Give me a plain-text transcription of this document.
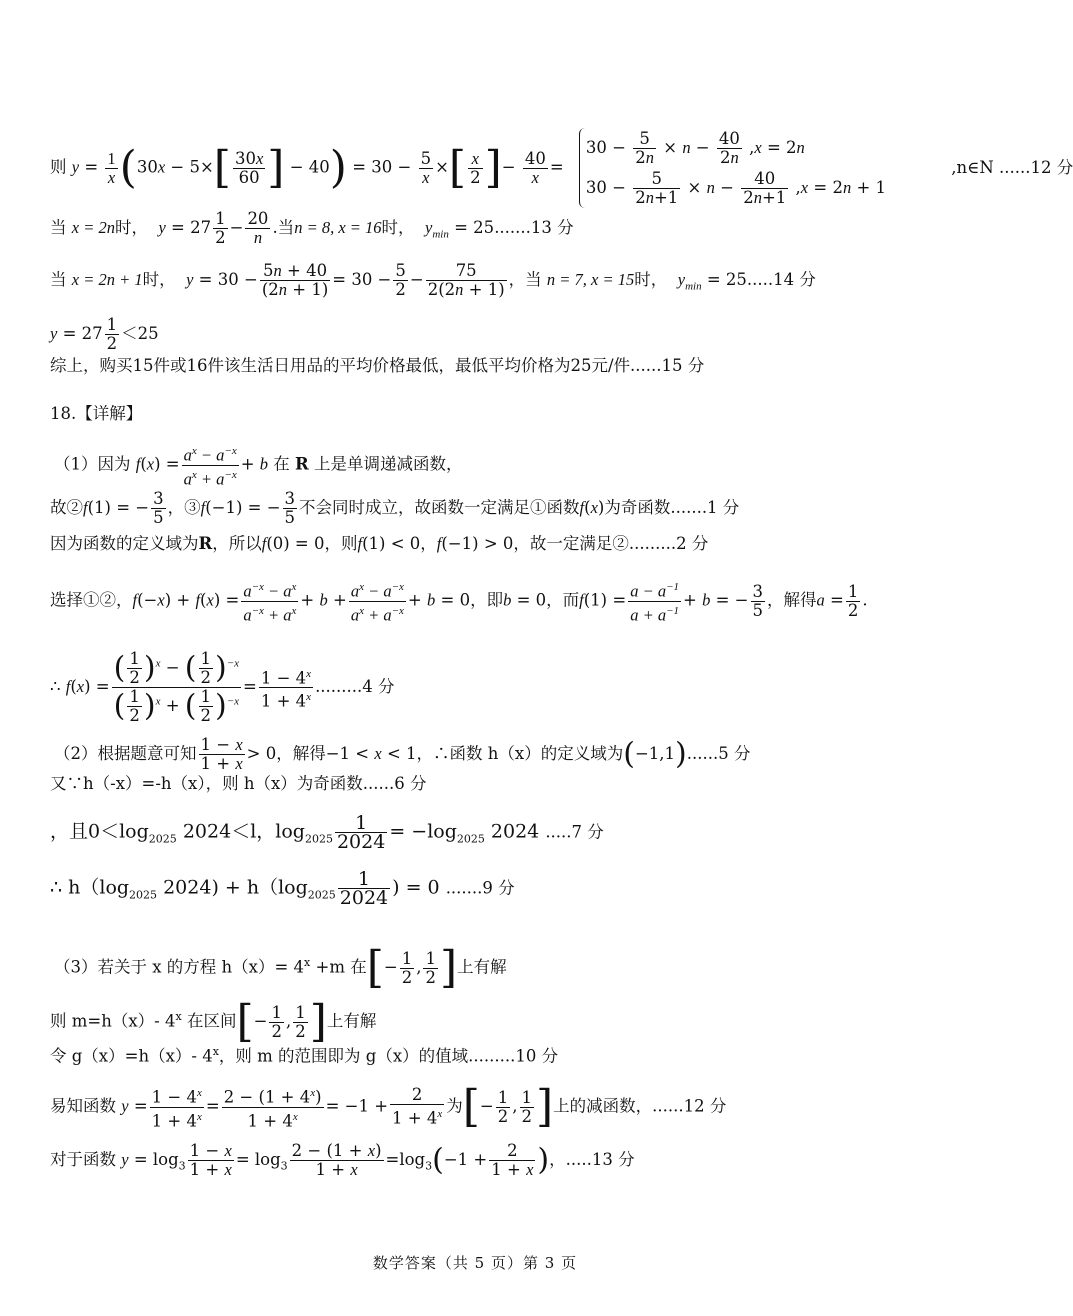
则 $y = \frac{1}{x} (30x - 5\times[ \frac{30x}{60}$ ] − $40) = 30 - \frac{5}{x}$ ×[ $\frac{x}{2}$ ]− $\frac{40}{x}$ =
$30 - \frac{5}{2n} \times n - \frac{40}{2n} ,x = 2n$
$30 - \frac{5}{2n+1} \times n - \frac{40}{2n+1} ,x = 2n + 1$
,n∈N ......12 分
当 x = 2n时， $y = 27 \frac{1}{2} - \frac{20}{n}$ .当n = 8, x = 16时， $y_{min} = 25.......13$ 分
当 x = 2n + 1时， $y = 30 - \frac{5n + 40}{(2n + 1)} = 30 - \frac{5}{2} - \frac{75}{2(2n + 1)}$ ，当 n = 7, x = 15时， $y_{min} = 25.....14$ 分
$y = 27 \frac{1}{2} <25$
综上，购买15件或16件该生活日用品的平均价格最低，最低平均价格为25元/件......15 分
18.【详解】
（1）因为 $f(x) = \frac{a^x - a^{-x}}{a^x + a^{-x}} + b$ 在 R 上是单调递减函数，
故②f(1) = − $\frac{3}{5}$ ，③f(−1) = − $\frac{3}{5}$ 不会同时成立，故函数一定满足①函数f(x)为奇函数.......1 分
因为函数的定义域为R，所以f(0) = 0，则f(1) < 0，f(−1) > 0，故一定满足②.........2 分
选择①②，$f(-x) + f(x) = \frac{a^{-x} - a^x}{a^{-x} + a^x} + b + \frac{a^x - a^{-x}}{a^x + a^{-x}} + b = 0$，即b = 0，而$f(1) = \frac{a - a^{-1}}{a + a^{-1}} + b$ = − $\frac{3}{5}$ ，解得$a = \frac{1}{2}$ .
∴ $f(x) = \frac{( \frac{1}{2} )^x - ( \frac{1}{2} )^{-x}}{( \frac{1}{2} )^x + ( \frac{1}{2} )^{-x}} = \frac{1 - 4^x}{1 + 4^x} .........4$ 分
（2）根据题意可知 $\frac{1 - x}{1 + x} > 0$，解得−1 < x < 1，∴函数 h（x）的定义域为(−1,1)......5 分
又∵h（-x）=-h（x），则 h（x）为奇函数......6 分
，且$0<\log_{2025}$ 2024＜l，$\log_{2025} \frac{1}{2024} = -\log_{2025}$ 2024 .....7 分
∴ $h(\log_{2025}$ $2024) + h(\log_{2025} \frac{1}{2024}$ ) = 0 .......9 分
（3）若关于 x 的方程 $h(x)= 4^x +m$ 在[− $\frac{1}{2}$ , $\frac{1}{2}$ ]上有解
则 m=h（x）- 4$^x$ 在区间[− $\frac{1}{2}$ , $\frac{1}{2}$ ]上有解
令 g（x）=h（x）- 4$^x$，则 m 的范围即为 g（x）的值域.........10 分
易知函数 $y = \frac{1 - 4^x}{1 + 4^x} = \frac{2 - (1 + 4^x)}{1 + 4^x} = -1 + \frac{2}{1 + 4^x}$ 为[− $\frac{1}{2}$ , $\frac{1}{2}$ ]上的减函数，......12 分
对于函数 $y = \log_3 \frac{1 - x}{1 + x} = \log_3 \frac{2 - (1 + x)}{1 + x} =\log_3(-1 + \frac{2}{1 + x}$ )，.....13 分
数学答案（共 5 页）第 3 页
